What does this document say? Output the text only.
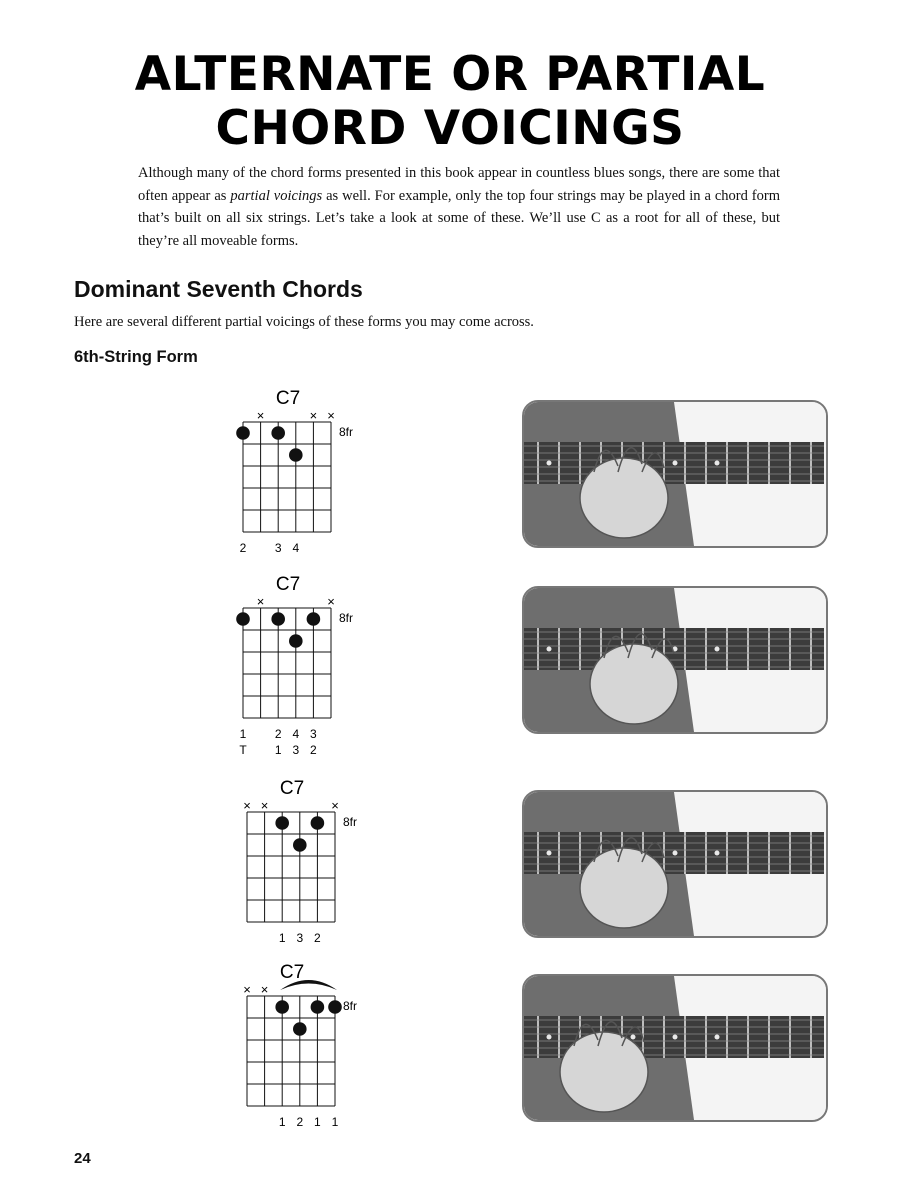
ALTERNATE OR PARTIAL
CHORD VOICINGS

Although many of the chord forms presented in this book appear in countless blues songs, there are some that often appear as partial voicings as well. For example, only the top four strings may be played in a chord form that’s built on all six strings. Let’s take a look at some of these. We’ll use C as a root for all of these, but they’re all moveable forms.

Dominant Seventh Chords

Here are several different partial voicings of these forms you may come across.

6th-String Form
C7
×	× ×
8fr
2 3 4
C7
×	×
8fr
1 2 4 3
T 1 3 2
C7
× ×	×
8fr
1 3 2
C7
× ×
8fr
1 2 1 1

24
